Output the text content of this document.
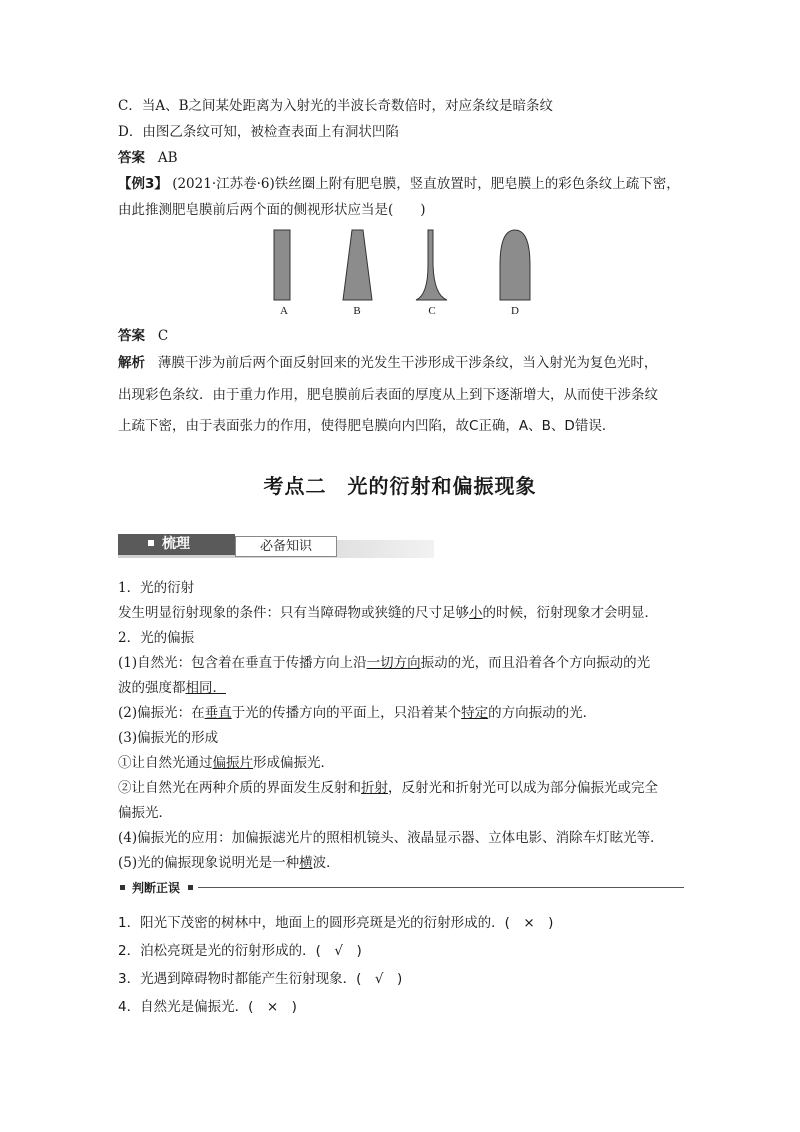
C．当A、B之间某处距离为入射光的半波长奇数倍时，对应条纹是暗条纹
D．由图乙条纹可知，被检查表面上有洞状凹陷
答案 AB
【例3】 (2021·江苏卷·6)铁丝圈上附有肥皂膜，竖直放置时，肥皂膜上的彩色条纹上疏下密，
由此推测肥皂膜前后两个面的侧视形状应当是(　　)
A	B	C	D
答案 C
解析 薄膜干涉为前后两个面反射回来的光发生干涉形成干涉条纹，当入射光为复色光时，
出现彩色条纹．由于重力作用，肥皂膜前后表面的厚度从上到下逐渐增大，从而使干涉条纹
上疏下密，由于表面张力的作用，使得肥皂膜向内凹陷，故C正确，A、B、D错误．
考点二　光的衍射和偏振现象
梳理	必备知识
1．光的衍射
发生明显衍射现象的条件：只有当障碍物或狭缝的尺寸足够小的时候，衍射现象才会明显．
2．光的偏振
(1)自然光：包含着在垂直于传播方向上沿一切方向振动的光，而且沿着各个方向振动的光
波的强度都相同．
(2)偏振光：在垂直于光的传播方向的平面上，只沿着某个特定的方向振动的光．
(3)偏振光的形成
①让自然光通过偏振片形成偏振光．
②让自然光在两种介质的界面发生反射和折射，反射光和折射光可以成为部分偏振光或完全
偏振光．
(4)偏振光的应用：加偏振滤光片的照相机镜头、液晶显示器、立体电影、消除车灯眩光等．
(5)光的偏振现象说明光是一种横波．
判断正误
1．阳光下茂密的树林中，地面上的圆形亮斑是光的衍射形成的．(　×　)
2．泊松亮斑是光的衍射形成的．(　√　)
3．光遇到障碍物时都能产生衍射现象．(　√　)
4．自然光是偏振光．(　×　)
